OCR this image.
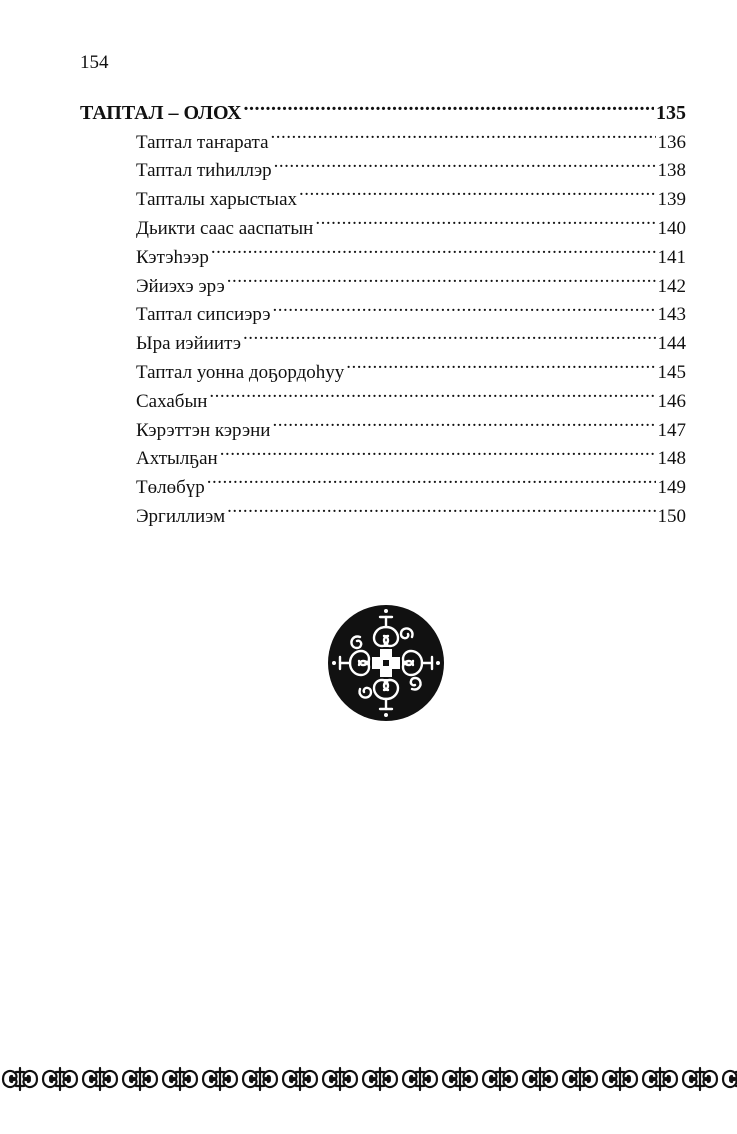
154
ТАПТАЛ – ОЛОХ .....	135
Таптал таҥарата .....	136
Таптал тиһиллэр .....	138
Тапталы харыстыах .....	139
Дьикти саас ааспатын .....	140
Кэтэһээр .....	141
Эйиэхэ эрэ .....	142
Таптал сипсиэрэ .....	143
Ыра иэйиитэ .....	144
Таптал уонна доҕордоһуу .....	145
Сахабын .....	146
Кэрэттэн кэрэни .....	147
Ахтылҕан .....	148
Төлөбүр .....	149
Эргиллиэм .....	150
